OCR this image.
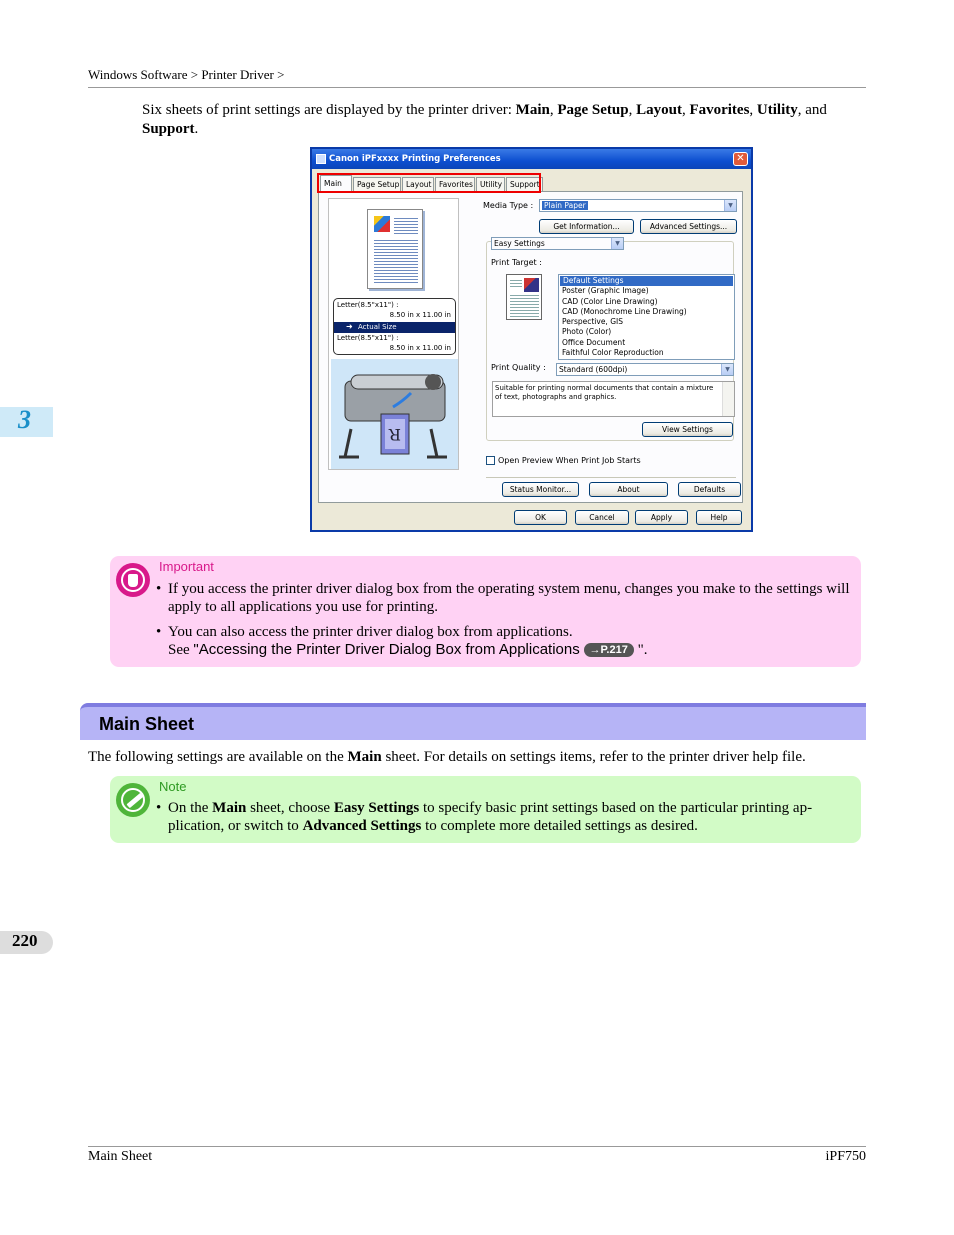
Windows Software > Printer Driver >

Six sheets of print settings are displayed by the printer driver: Main, Page Setup, Layout, Favorites, Utility, and
Support.

3
220
Canon iPFxxxx Printing Preferences	✕
Main	Page Setup Layout	Favorites Utility	Support
Letter(8.5"x11") :
8.50 in x 11.00 in
➜ Actual Size
Letter(8.5"x11") :
8.50 in x 11.00 in
R
Media Type :	Plain Paper	▼
Get Information...	Advanced Settings...
Easy Settings	▼
Print Target :
Default Settings
Poster (Graphic Image)
CAD (Color Line Drawing)
CAD (Monochrome Line Drawing)
Perspective, GIS
Photo (Color)
Office Document
Faithful Color Reproduction
Print Quality :	Standard (600dpi)	▼
Suitable for printing normal documents that contain a mixture of text, photographs and graphics.
View Settings
Open Preview When Print Job Starts
Status Monitor...	About	Defaults
OK	Cancel	Apply	Help
Important
• If you access the printer driver dialog box from the operating system menu, changes you make to the settings will apply to all applications you use for printing.
• You can also access the printer driver dialog box from applications.
See "Accessing the Printer Driver Dialog Box from Applications →P.217 ".
Main Sheet

The following settings are available on the Main sheet. For details on settings items, refer to the printer driver help file.

Note
• On the Main sheet, choose Easy Settings to specify basic print settings based on the particular printing ap-plication, or switch to Advanced Settings to complete more detailed settings as desired.
Main Sheet	iPF750
